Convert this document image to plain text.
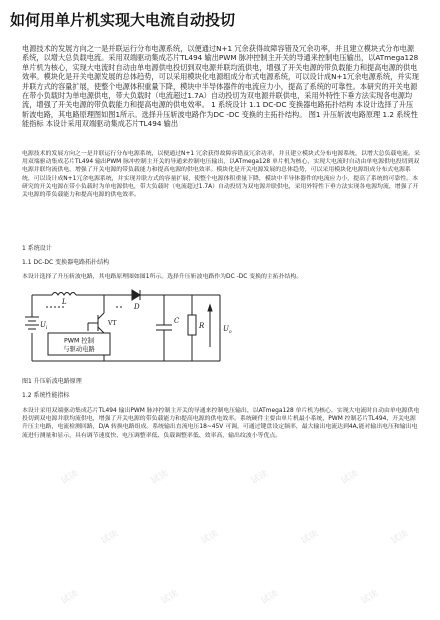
如何用单片机实现大电流自动投切
电源技术的发展方向之一是并联运行分布电源系统，以便通过N+1 冗余获得故障容错及冗余功率，并且建立模块式分布电源系统，以增大总负载电流。采用双端驱动集成芯片TL494 输出PWM 脉冲控制主开关的导通来控制电压输出，以ATmega128 单片机为核心，实现大电流时自动由单电源供电投切到双电源并联均流供电，增强了开关电源的带负载能力和提高电源的供电效率。模块化是开关电源发展的总体趋势，可以采用模块化电源组成分布式电源系统，可以设计成N+1冗余电源系统，并实现并联方式的容量扩展，使整个电源体积重量下降，模块中半导体器件的电流应力小，提高了系统的可靠性。本研究的开关电源在带小负载时为单电源供电，带大负载时（电流超过1.7A）自动投切为双电源并联供电，采用外特性下垂方法实现各电源均流，增强了开关电源的带负载能力和提高电源的供电效率。 1 系统设计 1.1 DC-DC 变换器电路拓扑结构 本设计选择了升压斩波电路，其电路原理图如图1所示。选择升压斩波电路作为DC -DC 变换的主拓扑结构。 图1 升压斩波电路原理 1.2 系统性能指标 本设计采用双端驱动集成芯片TL494 输出
电源技术的发展方向之一是并联运行分布电源系统，以便通过N+1 冗余获得故障容错及冗余功率，并且建立模块式分布电源系统，以增大总负载电流。采用双端驱动集成芯片TL494 输出PWM 脉冲控制主开关的导通来控制电压输出，以ATmega128 单片机为核心，实现大电流时自动由单电源供电投切到双电源并联均流供电，增强了开关电源的带负载能力和提高电源的供电效率。模块化是开关电源发展的总体趋势，可以采用模块化电源组成分布式电源系统，可以设计成N+1冗余电源系统，并实现并联方式的容量扩展，使整个电源体积重量下降，模块中半导体器件的电流应力小，提高了系统的可靠性。本研究的开关电源在带小负载时为单电源供电，带大负载时（电流超过1.7A）自动投切为双电源并联供电，采用外特性下垂方法实现各电源均流，增强了开关电源的带负载能力和提高电源的供电效率。
1 系统设计
1.1 DC-DC 变换器电路拓扑结构
本设计选择了升压斩波电路，其电路原理图如图1所示。选择升压斩波电路作为DC -DC 变换的主拓扑结构。
PWM 控制
与驱动电路
L
D
VT
$U_i$
C
R	$U_o$
图1 升压斩波电路原理
1.2 系统性能指标
本设计采用双端驱动集成芯片TL494 输出PWM 脉冲控制主开关的导通来控制电压输出，以ATmega128 单片机为核心，实现大电流时自动由单电源供电投切到双电源并联均流供电，增强了开关电源的带负载能力和提高电源的供电效率。系统硬件主要由单片机最小系统，PWM 控制芯片TL494、开关电源升压主电路，电流检测回路，D/A 转换电路组成。系统输出直流电压18~45V 可调，可通过键盘设定频率，最大输出电流达到4A,能对输出电压和输出电流进行测量和显示，具有调节速度快、电压调整率低、负载调整率低、效率高，输出纹波小等优点。
试读	试读	试读	试读
试读	试读	试读	试读
试读	试读	试读	试读
